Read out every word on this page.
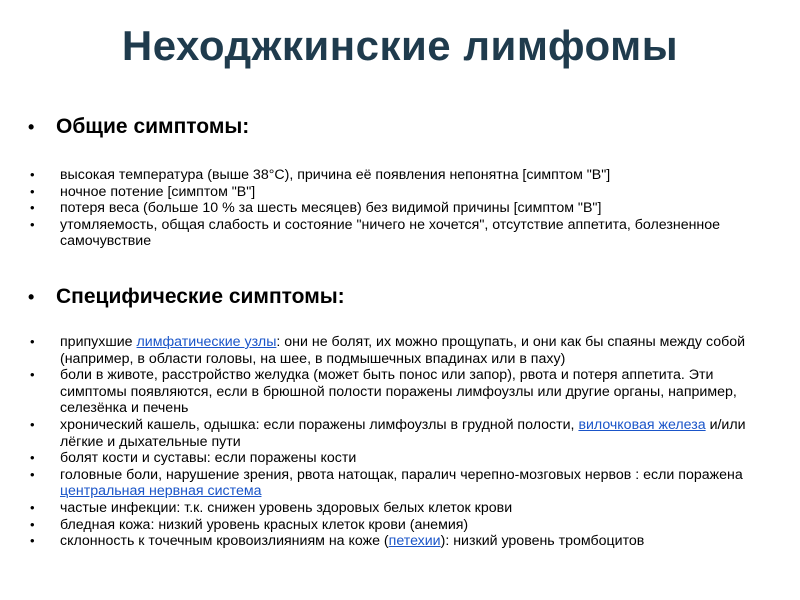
Неходжкинские лимфомы
• Общие симптомы:
• высокая температура (выше 38°C), причина её появления непонятна [симптом "В"]
• ночное потение [симптом "В"]
• потеря веса (больше 10 % за шесть месяцев) без видимой причины [симптом "В"]
• утомляемость, общая слабость и состояние "ничего не хочется", отсутствие аппетита, болезненное самочувствие
• Специфические симптомы:
• припухшие лимфатические узлы: они не болят, их можно прощупать, и они как бы спаяны между собой (например, в области головы, на шее, в подмышечных впадинах или в паху)
• боли в животе, расстройство желудка (может быть понос или запор), рвота и потеря аппетита. Эти симптомы появляются, если в брюшной полости поражены лимфоузлы или другие органы, например, селезёнка и печень
• хронический кашель, одышка: если поражены лимфоузлы в грудной полости, вилочковая железа и/или лёгкие и дыхательные пути
• болят кости и суставы: если поражены кости
• головные боли, нарушение зрения, рвота натощак, паралич черепно-мозговых нервов : если поражена центральная нервная система
• частые инфекции: т.к. снижен уровень здоровых белых клеток крови
• бледная кожа: низкий уровень красных клеток крови (анемия)
• склонность к точечным кровоизлияниям на коже (петехии): низкий уровень тромбоцитов
